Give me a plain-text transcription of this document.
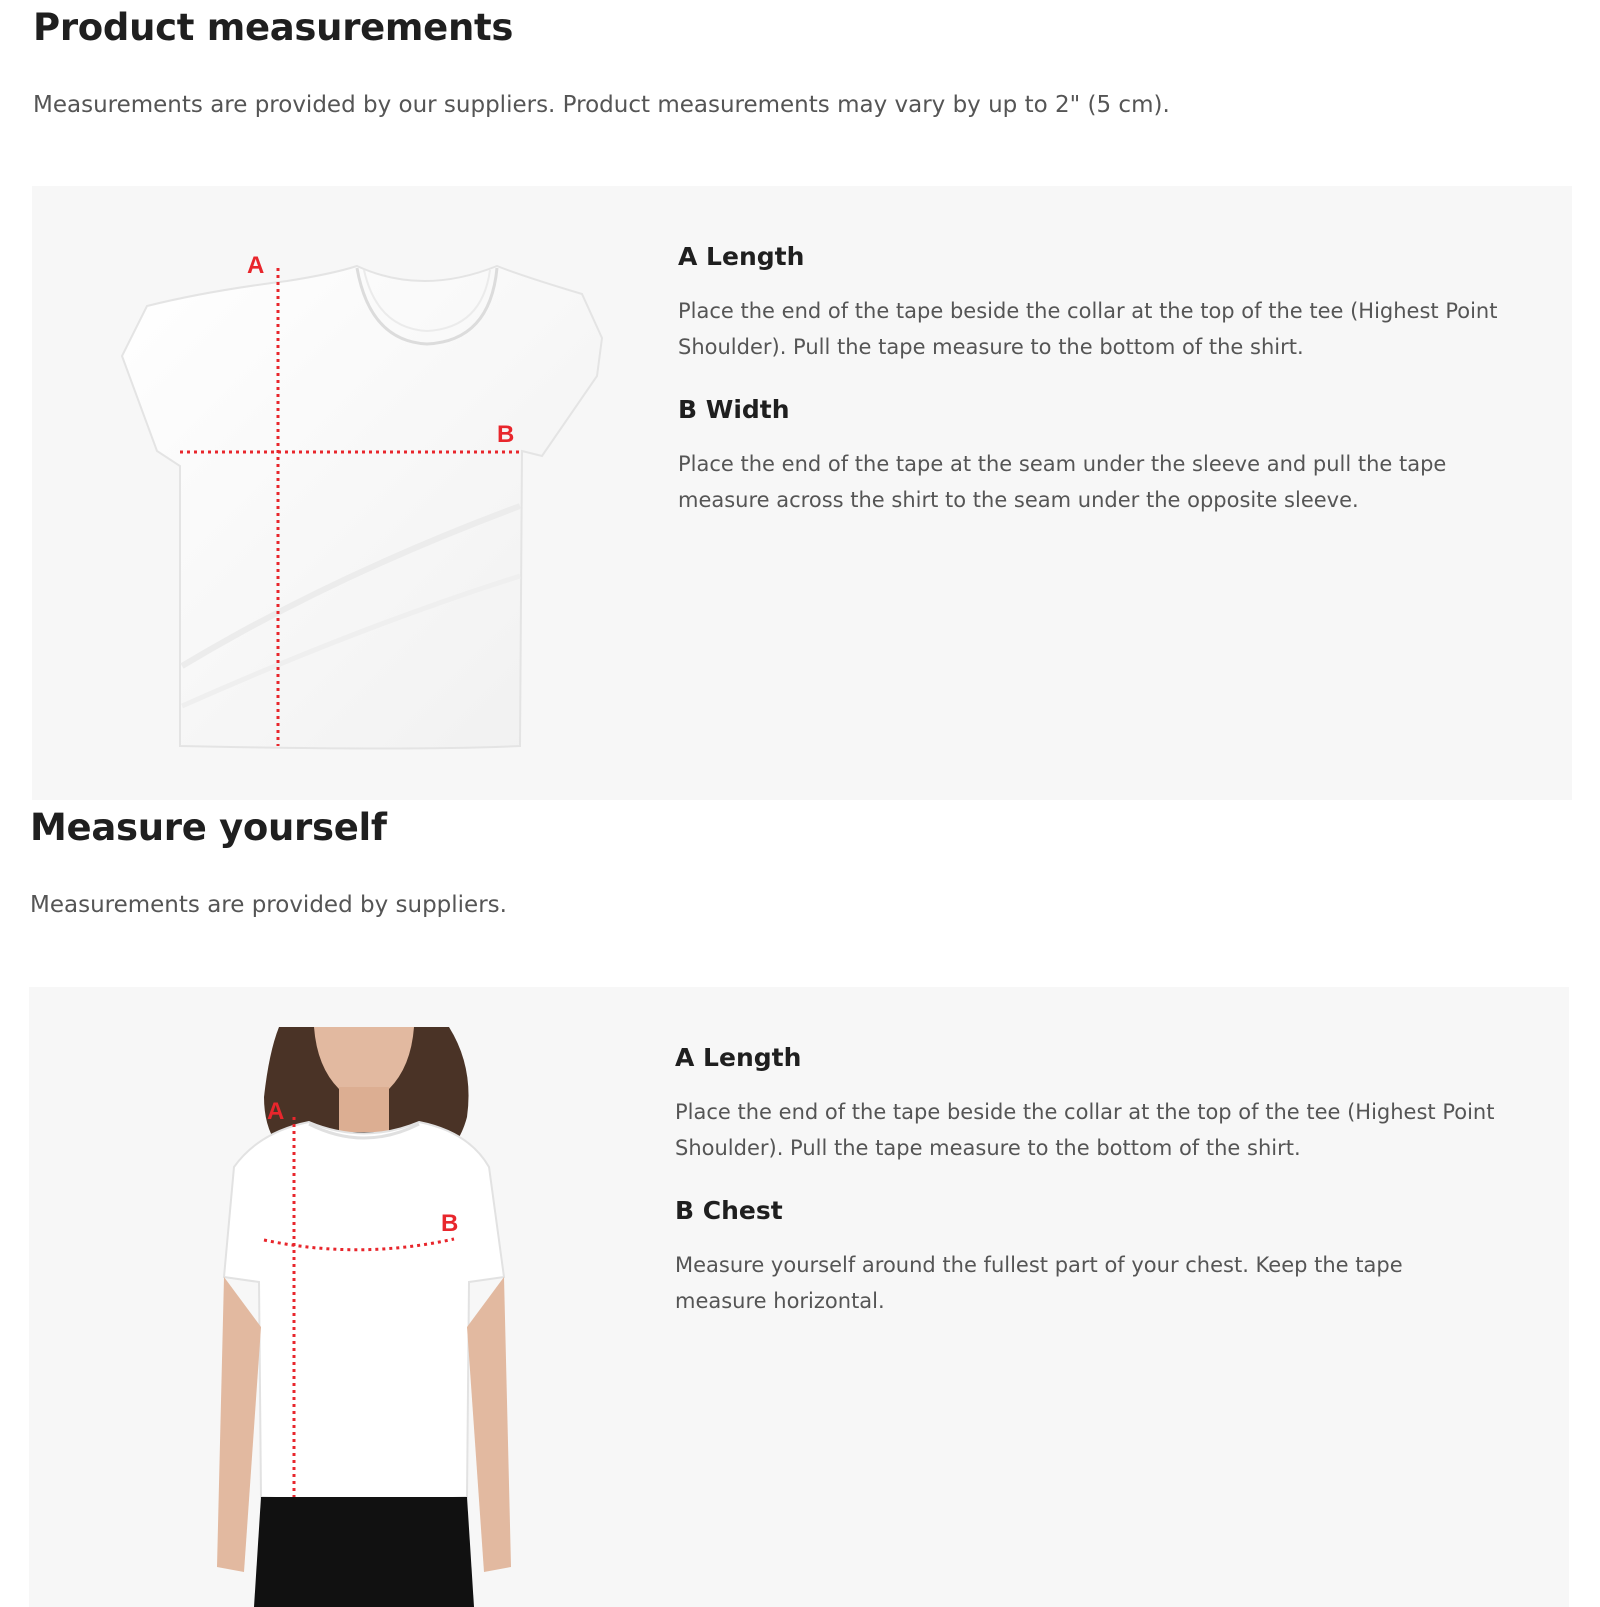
Product measurements

Measurements are provided by our suppliers. Product measurements may vary by up to 2" (5 cm).

A
B
A Length

Place the end of the tape beside the collar at the top of the tee (Highest Point Shoulder). Pull the tape measure to the bottom of the shirt.

B Width

Place the end of the tape at the seam under the sleeve and pull the tape measure across the shirt to the seam under the opposite sleeve.

Measure yourself

Measurements are provided by suppliers.

A
B
A Length

Place the end of the tape beside the collar at the top of the tee (Highest Point Shoulder). Pull the tape measure to the bottom of the shirt.

B Chest

Measure yourself around the fullest part of your chest. Keep the tape measure horizontal.
